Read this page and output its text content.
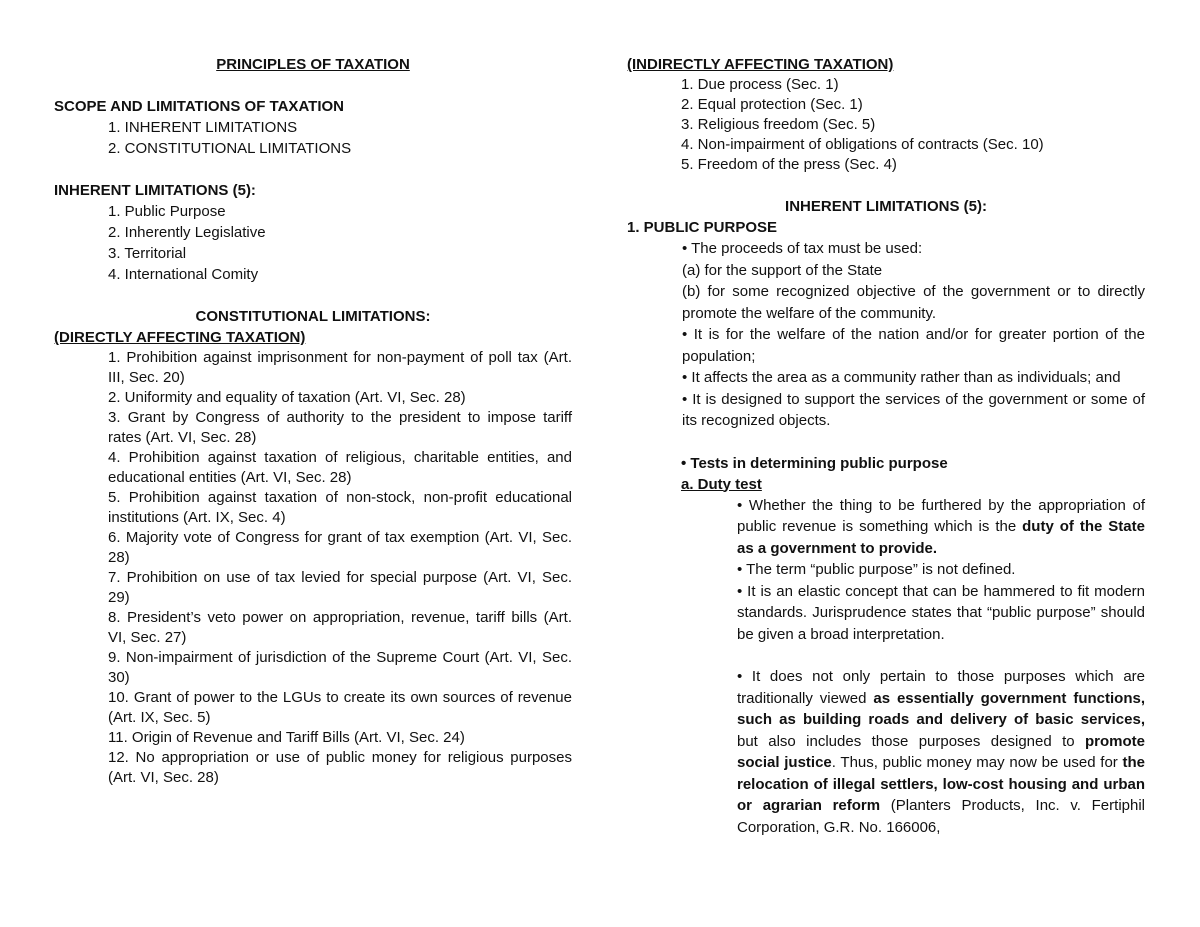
PRINCIPLES OF TAXATION
SCOPE AND LIMITATIONS OF TAXATION
1. INHERENT LIMITATIONS
2. CONSTITUTIONAL LIMITATIONS
INHERENT LIMITATIONS (5):
1. Public Purpose
2. Inherently Legislative
3. Territorial
4. International Comity
CONSTITUTIONAL LIMITATIONS:
(DIRECTLY AFFECTING TAXATION)
1. Prohibition against imprisonment for non-payment of poll tax (Art. III, Sec. 20)
2. Uniformity and equality of taxation (Art. VI, Sec. 28)
3. Grant by Congress of authority to the president to impose tariff rates (Art. VI, Sec. 28)
4. Prohibition against taxation of religious, charitable entities, and educational entities (Art. VI, Sec. 28)
5. Prohibition against taxation of non-stock, non-profit educational institutions (Art. IX, Sec. 4)
6. Majority vote of Congress for grant of tax exemption (Art. VI, Sec. 28)
7. Prohibition on use of tax levied for special purpose (Art. VI, Sec. 29)
8. President’s veto power on appropriation, revenue, tariff bills (Art. VI, Sec. 27)
9. Non-impairment of jurisdiction of the Supreme Court (Art. VI, Sec. 30)
10. Grant of power to the LGUs to create its own sources of revenue (Art. IX, Sec. 5)
11. Origin of Revenue and Tariff Bills (Art. VI, Sec. 24)
12. No appropriation or use of public money for religious purposes (Art. VI, Sec. 28)
(INDIRECTLY AFFECTING TAXATION)
1. Due process (Sec. 1)
2. Equal protection (Sec. 1)
3. Religious freedom (Sec. 5)
4. Non-impairment of obligations of contracts (Sec. 10)
5. Freedom of the press (Sec. 4)
INHERENT LIMITATIONS (5):
1. PUBLIC PURPOSE
• The proceeds of tax must be used:
(a) for the support of the State
(b) for some recognized objective of the government or to directly promote the welfare of the community.
• It is for the welfare of the nation and/or for greater portion of the population;
• It affects the area as a community rather than as individuals; and
• It is designed to support the services of the government or some of its recognized objects.
• Tests in determining public purpose
a. Duty test
• Whether the thing to be furthered by the appropriation of public revenue is something which is the duty of the State as a government to provide.
• The term “public purpose” is not defined.
• It is an elastic concept that can be hammered to fit modern standards. Jurisprudence states that “public purpose” should be given a broad interpretation.
• It does not only pertain to those purposes which are traditionally viewed as essentially government functions, such as building roads and delivery of basic services, but also includes those purposes designed to promote social justice. Thus, public money may now be used for the relocation of illegal settlers, low-cost housing and urban or agrarian reform (Planters Products, Inc. v. Fertiphil Corporation, G.R. No. 166006,
